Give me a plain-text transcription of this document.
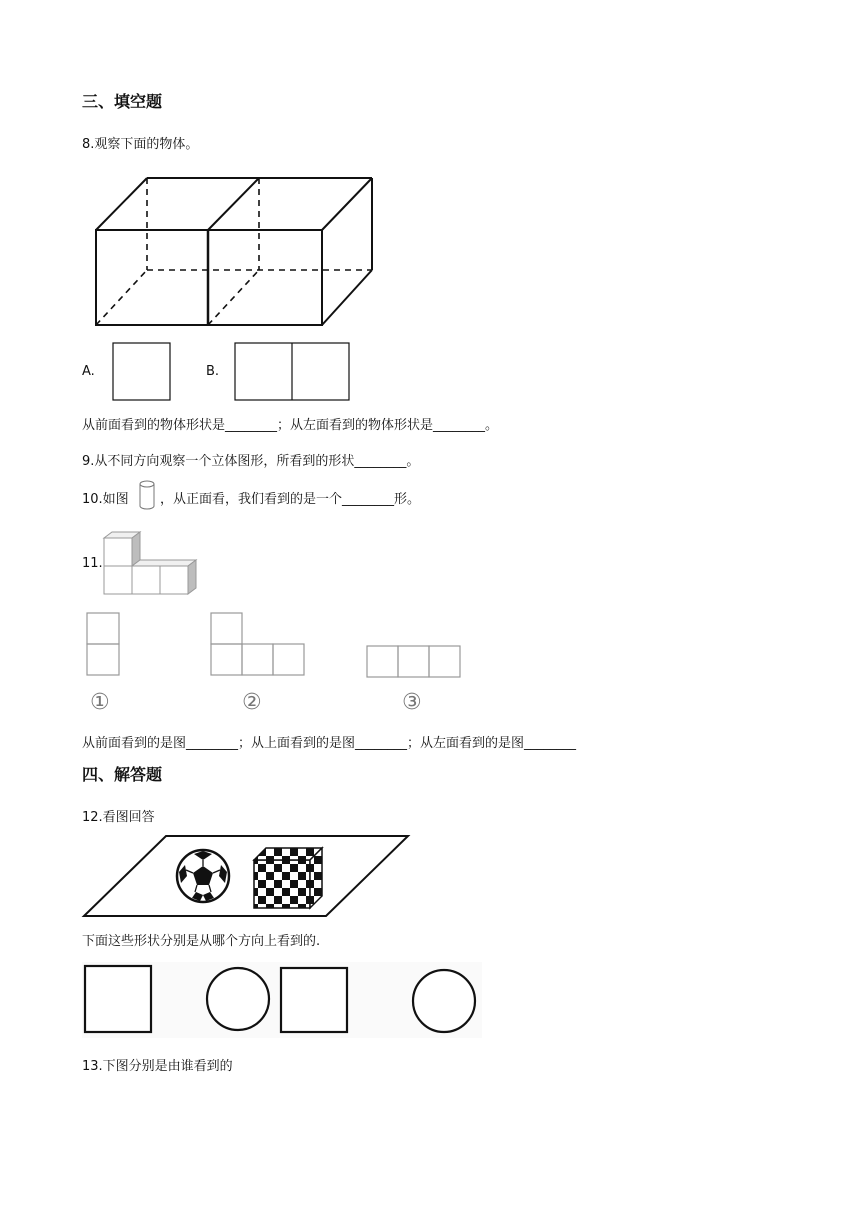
三、填空题
8.观察下面的物体。
A.	B.
从前面看到的物体形状是________；从左面看到的物体形状是________。
9.从不同方向观察一个立体图形，所看到的形状________。
10.如图 ，从正面看，我们看到的是一个________形。
11.
①	②	③
从前面看到的是图________；从上面看到的是图________；从左面看到的是图________
四、解答题
12.看图回答
下面这些形状分别是从哪个方向上看到的.
13.下图分别是由谁看到的
